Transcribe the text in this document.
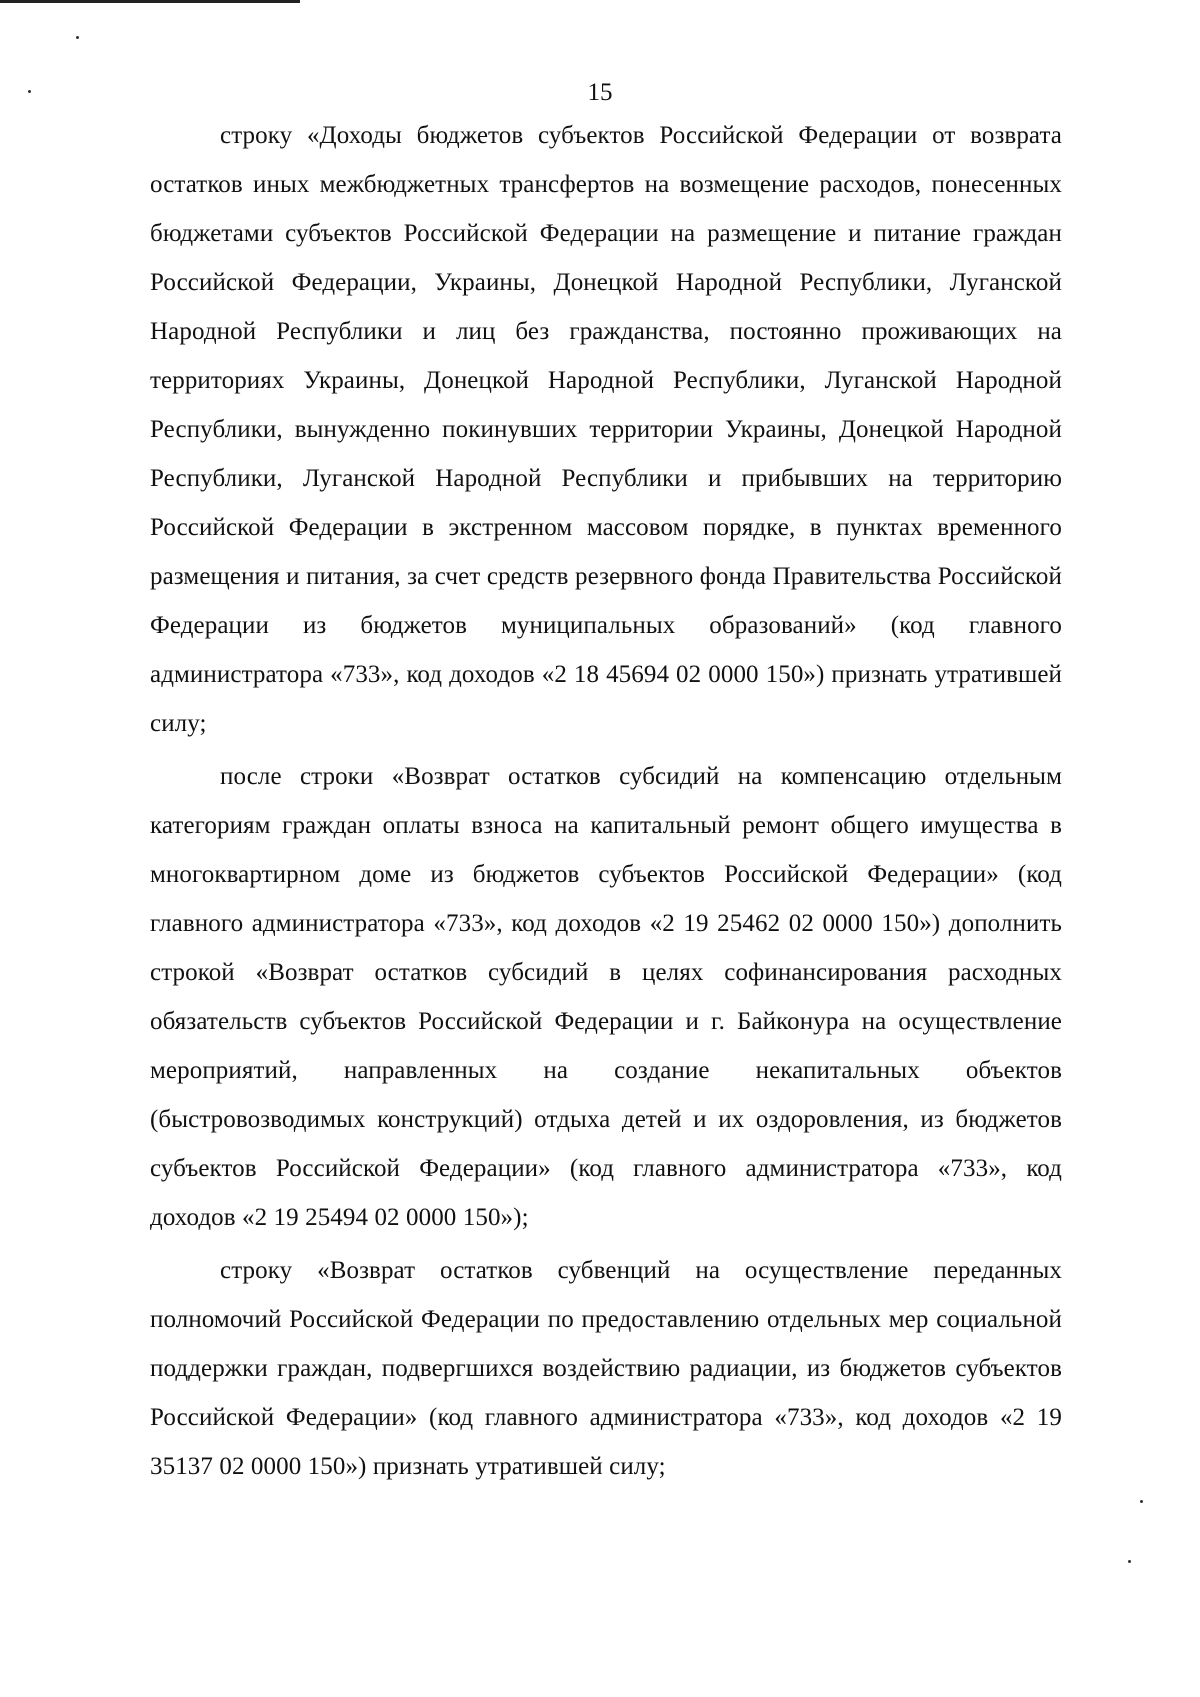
15

строку «Доходы бюджетов субъектов Российской Федерации от возврата остатков иных межбюджетных трансфертов на возмещение расходов, понесенных бюджетами субъектов Российской Федерации на размещение и питание граждан Российской Федерации, Украины, Донецкой Народной Республики, Луганской Народной Республики и лиц без гражданства, постоянно проживающих на территориях Украины, Донецкой Народной Республики, Луганской Народной Республики, вынужденно покинувших территории Украины, Донецкой Народной Республики, Луганской Народной Республики и прибывших на территорию Российской Федерации в экстренном массовом порядке, в пунктах временного размещения и питания, за счет средств резервного фонда Правительства Российской Федерации из бюджетов муниципальных образований» (код главного администратора «733», код доходов «2 18 45694 02 0000 150») признать утратившей силу;

после строки «Возврат остатков субсидий на компенсацию отдельным категориям граждан оплаты взноса на капитальный ремонт общего имущества в многоквартирном доме из бюджетов субъектов Российской Федерации» (код главного администратора «733», код доходов «2 19 25462 02 0000 150») дополнить строкой «Возврат остатков субсидий в целях софинансирования расходных обязательств субъектов Российской Федерации и г. Байконура на осуществление мероприятий, направленных на создание некапитальных объектов (быстровозводимых конструкций) отдыха детей и их оздоровления, из бюджетов субъектов Российской Федерации» (код главного администратора «733», код доходов «2 19 25494 02 0000 150»);

строку «Возврат остатков субвенций на осуществление переданных полномочий Российской Федерации по предоставлению отдельных мер социальной поддержки граждан, подвергшихся воздействию радиации, из бюджетов субъектов Российской Федерации» (код главного администратора «733», код доходов «2 19 35137 02 0000 150») признать утратившей силу;
